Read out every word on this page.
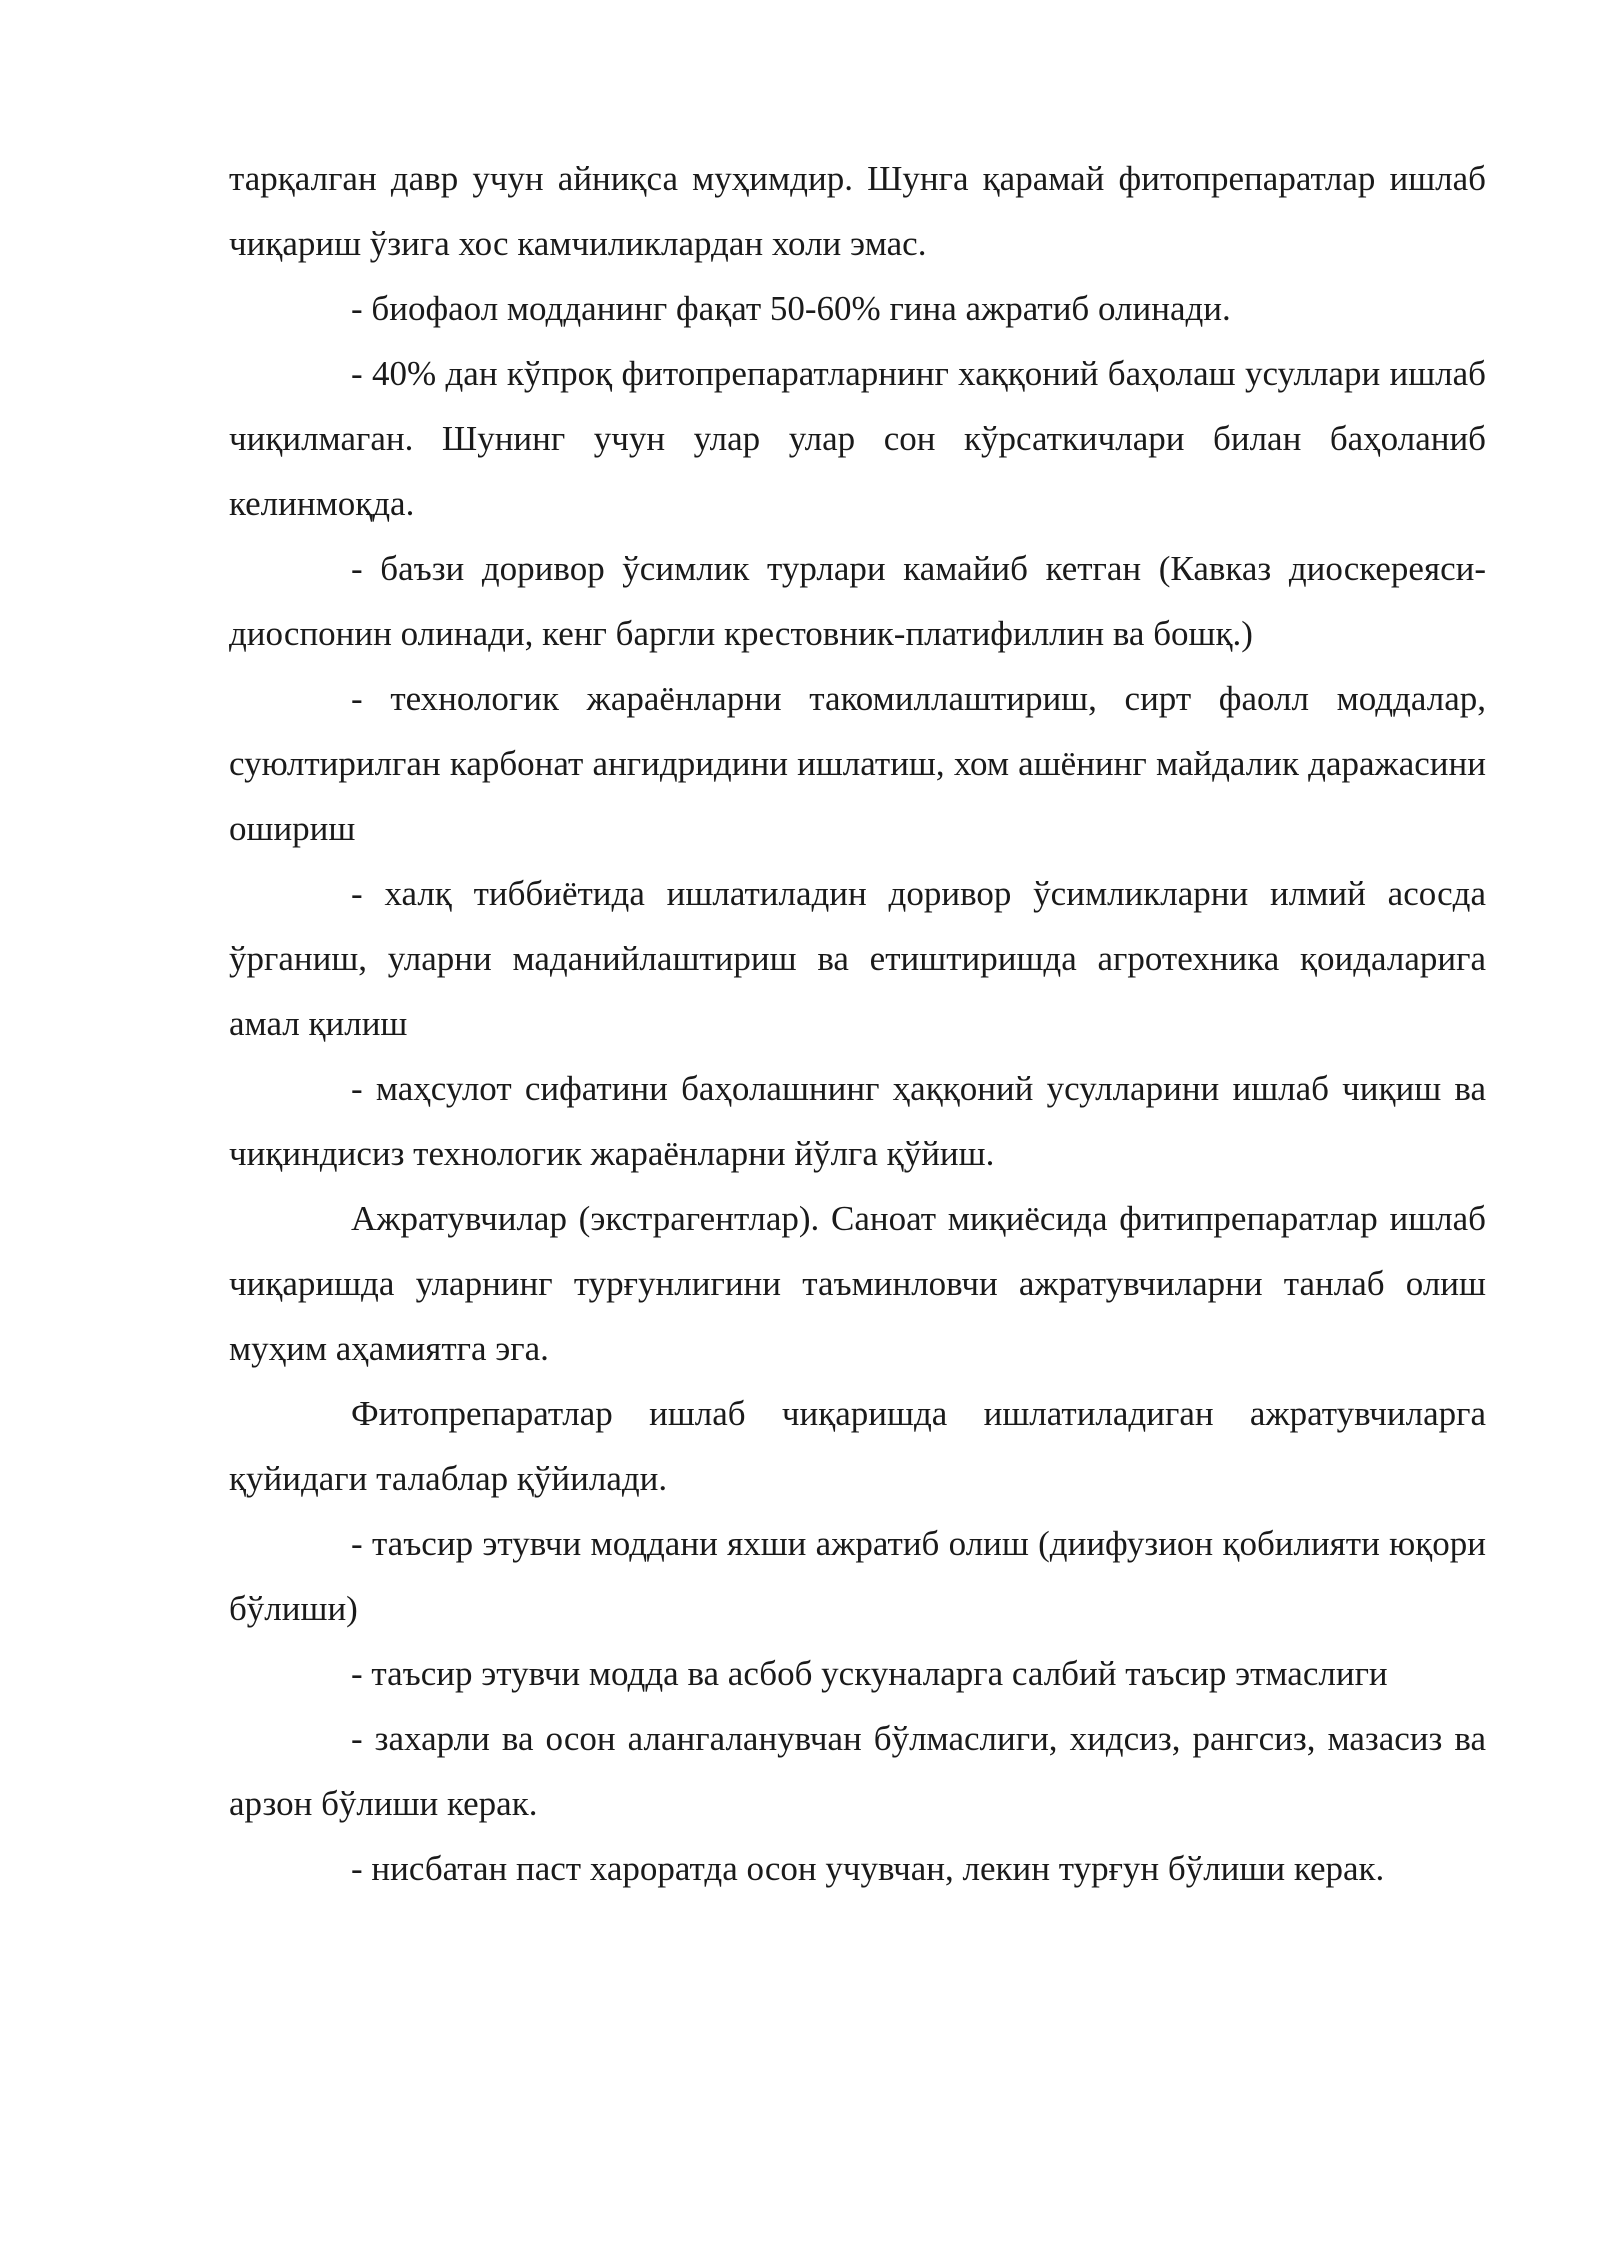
тарқалган давр учун айниқса муҳимдир. Шунга қарамай фитопрепаратлар ишлаб чиқариш ўзига хос камчиликлардан холи эмас.

- биофаол модданинг фақат 50-60% гина ажратиб олинади.

- 40% дан кўпроқ фитопрепаратларнинг хаққоний баҳолаш усуллари ишлаб чиқилмаган. Шунинг учун улар улар сон кўрсаткичлари билан баҳоланиб келинмоқда.

- баъзи доривор ўсимлик турлари камайиб кетган (Кавказ диоскереяси-диоспонин олинади, кенг баргли крестовник-платифиллин ва бошқ.)

- технологик жараёнларни такомиллаштириш, сирт фаолл моддалар, суюлтирилган карбонат ангидридини ишлатиш, хом ашёнинг майдалик даражасини ошириш

- халқ тиббиётида ишлатиладин доривор ўсимликларни илмий асосда ўрганиш, уларни маданийлаштириш ва етиштиришда агротехника қоидаларига амал қилиш

- маҳсулот сифатини баҳолашнинг ҳаққоний усулларини ишлаб чиқиш ва чиқиндисиз технологик жараёнларни йўлга қўйиш.

Ажратувчилар (экстрагентлар). Саноат миқиёсида фитипрепаратлар ишлаб чиқаришда уларнинг турғунлигини таъминловчи ажратувчиларни танлаб олиш муҳим аҳамиятга эга.

Фитопрепаратлар ишлаб чиқаришда ишлатиладиган ажратувчиларга қуйидаги талаблар қўйилади.

- таъсир этувчи моддани яхши ажратиб олиш (диифузион қобилияти юқори бўлиши)

- таъсир этувчи модда ва асбоб ускуналарга салбий таъсир этмаслиги

- захарли ва осон алангаланувчан бўлмаслиги, хидсиз, рангсиз, мазасиз ва арзон бўлиши керак.

- нисбатан паст хароратда осон учувчан, лекин турғун бўлиши керак.
